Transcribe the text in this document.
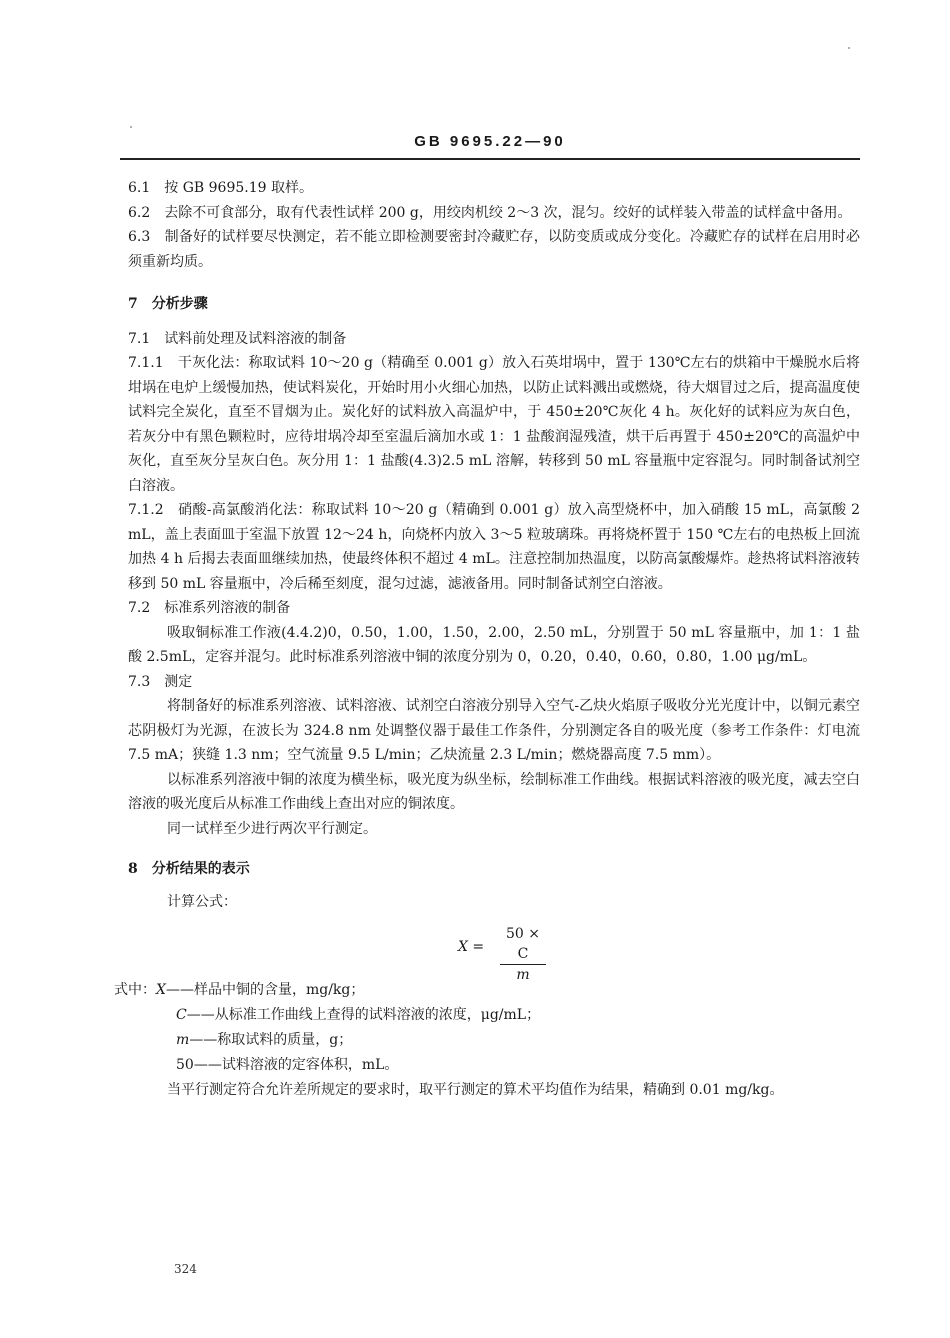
GB 9695.22—90

6.1　按 GB 9695.19 取样。

6.2　去除不可食部分，取有代表性试样 200 g，用绞肉机绞 2～3 次，混匀。绞好的试样装入带盖的试样盒中备用。

6.3　制备好的试样要尽快测定，若不能立即检测要密封冷藏贮存，以防变质或成分变化。冷藏贮存的试样在启用时必须重新均质。

7　分析步骤

7.1　试料前处理及试料溶液的制备

7.1.1　干灰化法：称取试料 10～20 g（精确至 0.001 g）放入石英坩埚中，置于 130℃左右的烘箱中干燥脱水后将坩埚在电炉上缓慢加热，使试料炭化，开始时用小火细心加热，以防止试料溅出或燃烧，待大烟冒过之后，提高温度使试料完全炭化，直至不冒烟为止。炭化好的试料放入高温炉中，于 450±20℃灰化 4 h。灰化好的试料应为灰白色，若灰分中有黑色颗粒时，应待坩埚冷却至室温后滴加水或 1：1 盐酸润湿残渣，烘干后再置于 450±20℃的高温炉中灰化，直至灰分呈灰白色。灰分用 1：1 盐酸(4.3)2.5 mL 溶解，转移到 50 mL 容量瓶中定容混匀。同时制备试剂空白溶液。

7.1.2　硝酸-高氯酸消化法：称取试料 10～20 g（精确到 0.001 g）放入高型烧杯中，加入硝酸 15 mL，高氯酸 2 mL，盖上表面皿于室温下放置 12～24 h，向烧杯内放入 3～5 粒玻璃珠。再将烧杯置于 150 ℃左右的电热板上回流加热 4 h 后揭去表面皿继续加热，使最终体积不超过 4 mL。注意控制加热温度，以防高氯酸爆炸。趁热将试料溶液转移到 50 mL 容量瓶中，冷后稀至刻度，混匀过滤，滤液备用。同时制备试剂空白溶液。

7.2　标准系列溶液的制备

吸取铜标准工作液(4.4.2)0，0.50，1.00，1.50，2.00，2.50 mL，分别置于 50 mL 容量瓶中，加 1：1 盐酸 2.5mL，定容并混匀。此时标准系列溶液中铜的浓度分别为 0，0.20，0.40，0.60，0.80，1.00 μg/mL。

7.3　测定

将制备好的标准系列溶液、试料溶液、试剂空白溶液分别导入空气-乙炔火焰原子吸收分光光度计中，以铜元素空芯阴极灯为光源，在波长为 324.8 nm 处调整仪器于最佳工作条件，分别测定各自的吸光度（参考工作条件：灯电流 7.5 mA；狭缝 1.3 nm；空气流量 9.5 L/min；乙炔流量 2.3 L/min；燃烧器高度 7.5 mm）。

以标准系列溶液中铜的浓度为横坐标，吸光度为纵坐标，绘制标准工作曲线。根据试料溶液的吸光度，减去空白溶液的吸光度后从标准工作曲线上查出对应的铜浓度。

同一试样至少进行两次平行测定。

8　分析结果的表示

计算公式：

$X = \frac{50 \times C}{m}$
式中：X——样品中铜的含量，mg/kg；
C——从标准工作曲线上查得的试料溶液的浓度，μg/mL；
m——称取试料的质量，g；
50——试料溶液的定容体积，mL。

当平行测定符合允许差所规定的要求时，取平行测定的算术平均值作为结果，精确到 0.01 mg/kg。

324
